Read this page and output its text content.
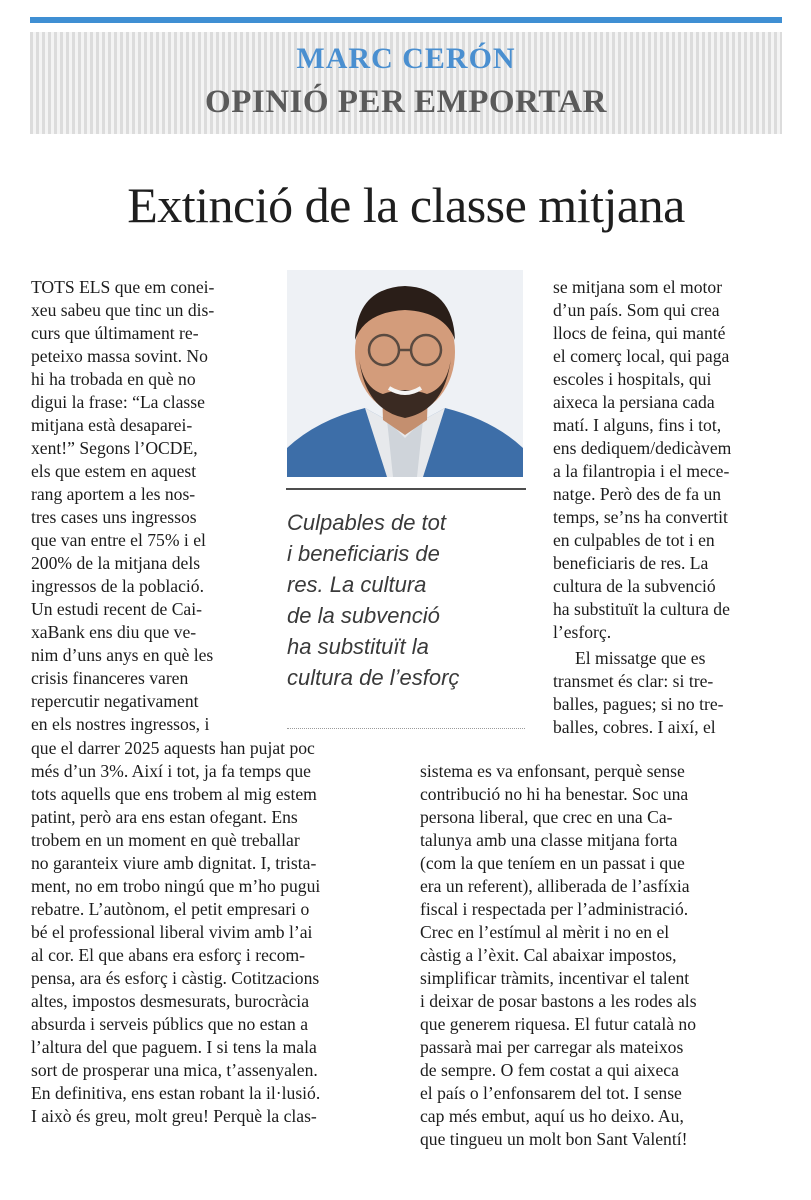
MARC CERÓN
OPINIÓ PER EMPORTAR
Extinció de la classe mitjana
TOTS ELS que em conei-
xeu sabeu que tinc un dis-
curs que últimament re-
peteixo massa sovint. No
hi ha trobada en què no
digui la frase: “La classe
mitjana està desaparei-
xent!” Segons l’OCDE,
els que estem en aquest
rang aportem a les nos-
tres cases uns ingressos
que van entre el 75% i el
200% de la mitjana dels
ingressos de la població.
Un estudi recent de Cai-
xaBank ens diu que ve-
nim d’uns anys en què les
crisis financeres varen
repercutir negativament
en els nostres ingressos, i
que el darrer 2025 aquests han pujat poc
més d’un 3%. Així i tot, ja fa temps que
tots aquells que ens trobem al mig estem
patint, però ara ens estan ofegant. Ens
trobem en un moment en què treballar
no garanteix viure amb dignitat. I, trista-
ment, no em trobo ningú que m’ho pugui
rebatre. L’autònom, el petit empresari o
bé el professional liberal vivim amb l’ai
al cor. El que abans era esforç i recom-
pensa, ara és esforç i càstig. Cotitzacions
altes, impostos desmesurats, burocràcia
absurda i serveis públics que no estan a
l’altura del que paguem. I si tens la mala
sort de prosperar una mica, t’assenyalen.
En definitiva, ens estan robant la il·lusió.
I això és greu, molt greu! Perquè la clas-
Culpables de tot
i beneficiaris de
res. La cultura
de la subvenció
ha substituït la
cultura de l’esforç
se mitjana som el motor
d’un país. Som qui crea
llocs de feina, qui manté
el comerç local, qui paga
escoles i hospitals, qui
aixeca la persiana cada
matí. I alguns, fins i tot,
ens dediquem/dedicàvem
a la filantropia i el mece-
natge. Però des de fa un
temps, se’ns ha convertit
en culpables de tot i en
beneficiaris de res. La
cultura de la subvenció
ha substituït la cultura de
l’esforç.
El missatge que es
transmet és clar: si tre-
balles, pagues; si no tre-
balles, cobres. I així, el
sistema es va enfonsant, perquè sense
contribució no hi ha benestar. Soc una
persona liberal, que crec en una Ca-
talunya amb una classe mitjana forta
(com la que teníem en un passat i que
era un referent), alliberada de l’asfíxia
fiscal i respectada per l’administració.
Crec en l’estímul al mèrit i no en el
càstig a l’èxit. Cal abaixar impostos,
simplificar tràmits, incentivar el talent
i deixar de posar bastons a les rodes als
que generem riquesa. El futur català no
passarà mai per carregar als mateixos
de sempre. O fem costat a qui aixeca
el país o l’enfonsarem del tot. I sense
cap més embut, aquí us ho deixo. Au,
que tingueu un molt bon Sant Valentí!
